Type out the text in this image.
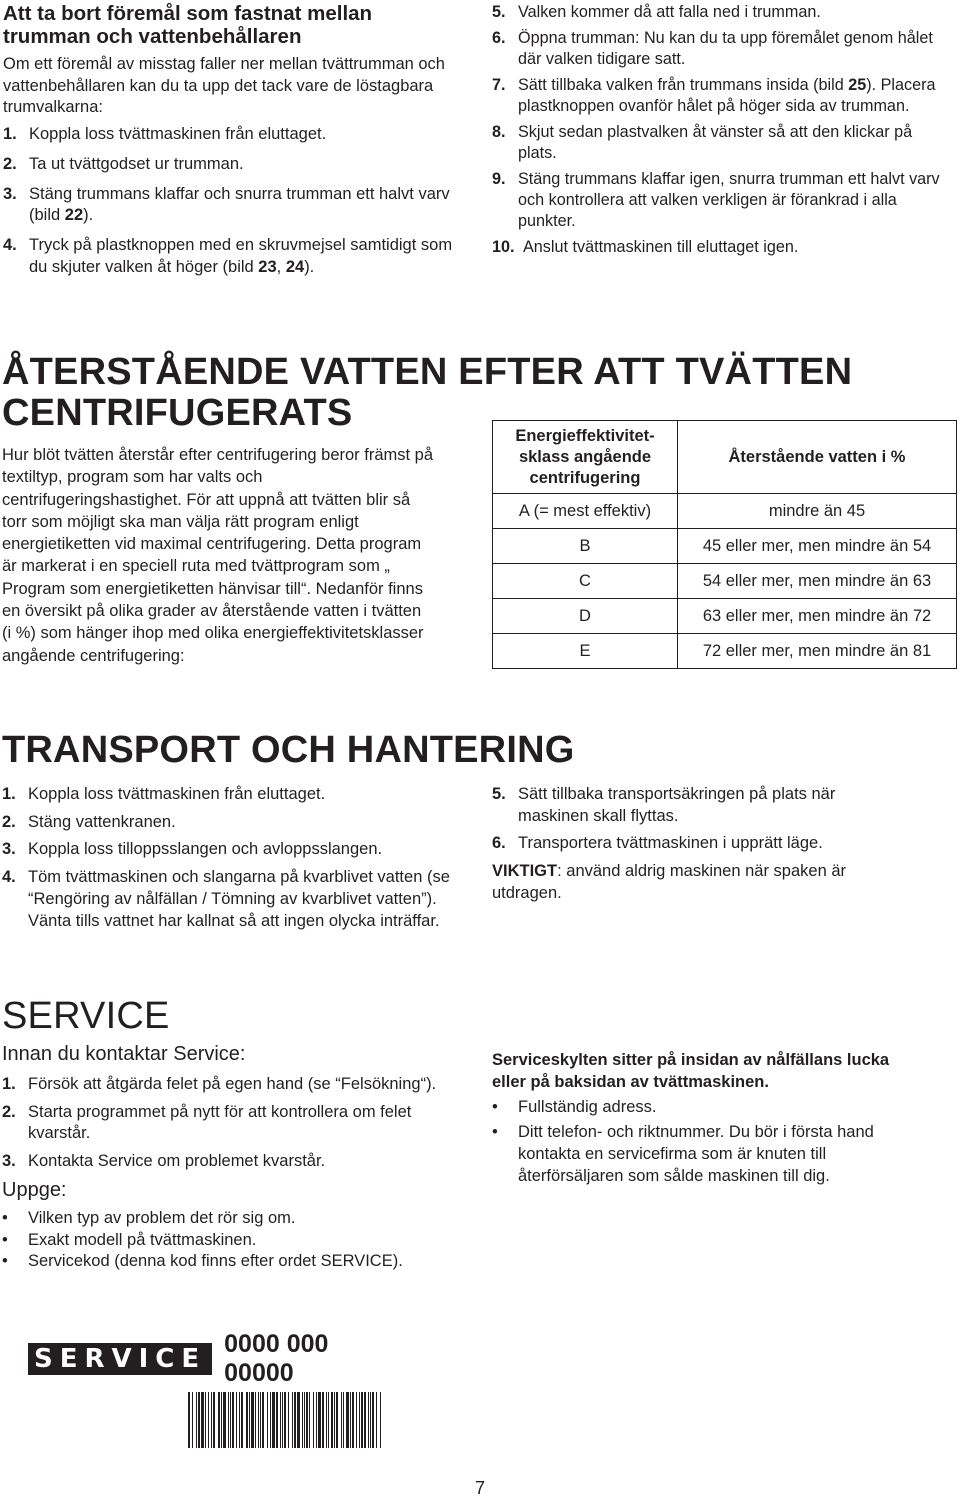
Att ta bort föremål som fastnat mellan trumman och vattenbehållaren

Om ett föremål av misstag faller ner mellan tvättrumman och vattenbehållaren kan du ta upp det tack vare de löstagbara trumvalkarna:

1. Koppla loss tvättmaskinen från eluttaget.
2. Ta ut tvättgodset ur trumman.
3. Stäng trummans klaffar och snurra trumman ett halvt varv (bild 22).
4. Tryck på plastknoppen med en skruvmejsel samtidigt som du skjuter valken åt höger (bild 23, 24).
5. Valken kommer då att falla ned i trumman.
6. Öppna trumman: Nu kan du ta upp föremålet genom hålet där valken tidigare satt.
7. Sätt tillbaka valken från trummans insida (bild 25). Placera plastknoppen ovanför hålet på höger sida av trumman.
8. Skjut sedan plastvalken åt vänster så att den klickar på plats.
9. Stäng trummans klaffar igen, snurra trumman ett halvt varv och kontrollera att valken verkligen är förankrad i alla punkter.
10. Anslut tvättmaskinen till eluttaget igen.
ÅTERSTÅENDE VATTEN EFTER ATT TVÄTTEN
CENTRIFUGERATS

Hur blöt tvätten återstår efter centrifugering beror främst på textiltyp, program som har valts och centrifugeringshastighet. För att uppnå att tvätten blir så torr som möjligt ska man välja rätt program enligt energietiketten vid maximal centrifugering. Detta program är markerat i en speciell ruta med tvättprogram som „ Program som energietiketten hänvisar till“. Nedanför finns en översikt på olika grader av återstående vatten i tvätten (i %) som hänger ihop med olika energieffektivitetsklasser angående centrifugering:

Energieffektivitet-
sklass angående
centrifugering	Återstående vatten i %
A (= mest effektiv)	mindre än 45
B	45 eller mer, men mindre än 54
C	54 eller mer, men mindre än 63
D	63 eller mer, men mindre än 72
E	72 eller mer, men mindre än 81
TRANSPORT OCH HANTERING
1. Koppla loss tvättmaskinen från eluttaget.
2. Stäng vattenkranen.
3. Koppla loss tilloppsslangen och avloppsslangen.
4. Töm tvättmaskinen och slangarna på kvarblivet vatten (se “Rengöring av nålfällan / Tömning av kvarblivet vatten”). Vänta tills vattnet har kallnat så att ingen olycka inträffar.
5. Sätt tillbaka transportsäkringen på plats när maskinen skall flyttas.
6. Transportera tvättmaskinen i upprätt läge.

VIKTIGT: använd aldrig maskinen när spaken är utdragen.

SERVICE
Innan du kontaktar Service:
1. Försök att åtgärda felet på egen hand (se “Felsökning“).
2. Starta programmet på nytt för att kontrollera om felet kvarstår.
3. Kontakta Service om problemet kvarstår.
Uppge:
• Vilken typ av problem det rör sig om.
• Exakt modell på tvättmaskinen.
• Servicekod (denna kod finns efter ordet SERVICE).
SERVICE 0000 000 00000

Serviceskylten sitter på insidan av nålfällans lucka eller på baksidan av tvättmaskinen.

• Fullständig adress.
• Ditt telefon- och riktnummer. Du bör i första hand kontakta en servicefirma som är knuten till återförsäljaren som sålde maskinen till dig.
7
